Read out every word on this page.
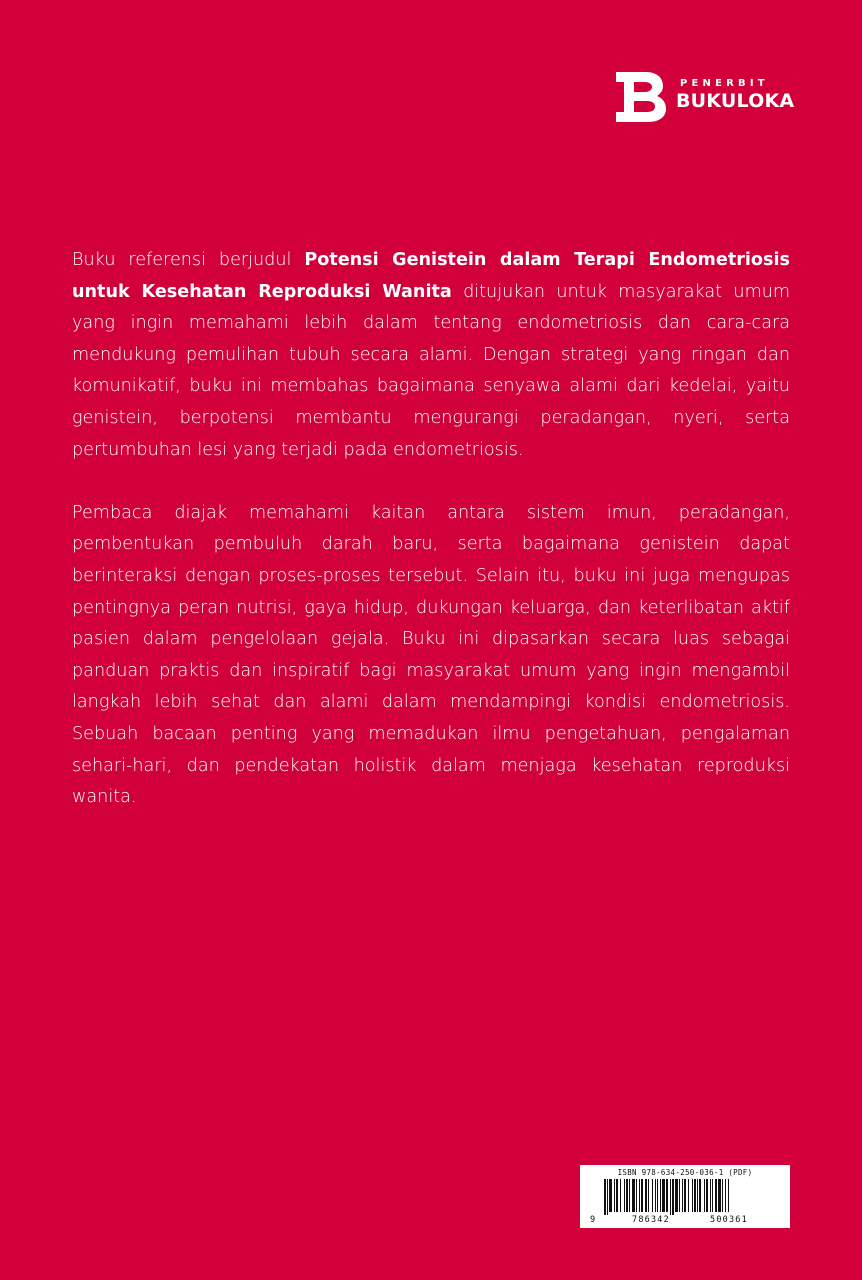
PENERBIT
BUKULOKA

Buku referensi berjudul Potensi Genistein dalam Terapi Endometriosis untuk Kesehatan Reproduksi Wanita ditujukan untuk masyarakat umum yang ingin memahami lebih dalam tentang endometriosis dan cara-cara mendukung pemulihan tubuh secara alami. Dengan strategi yang ringan dan komunikatif, buku ini membahas bagaimana senyawa alami dari kedelai, yaitu genistein, berpotensi membantu mengurangi peradangan, nyeri, serta pertumbuhan lesi yang terjadi pada endometriosis.

Pembaca diajak memahami kaitan antara sistem imun, peradangan, pembentukan pembuluh darah baru, serta bagaimana genistein dapat berinteraksi dengan proses-proses tersebut. Selain itu, buku ini juga mengupas pentingnya peran nutrisi, gaya hidup, dukungan keluarga, dan keterlibatan aktif pasien dalam pengelolaan gejala. Buku ini dipasarkan secara luas sebagai panduan praktis dan inspiratif bagi masyarakat umum yang ingin mengambil langkah lebih sehat dan alami dalam mendampingi kondisi endometriosis. Sebuah bacaan penting yang memadukan ilmu pengetahuan, pengalaman sehari-hari, dan pendekatan holistik dalam menjaga kesehatan reproduksi wanita.

ISBN 978-634-250-036-1 (PDF)
9	786342	500361
